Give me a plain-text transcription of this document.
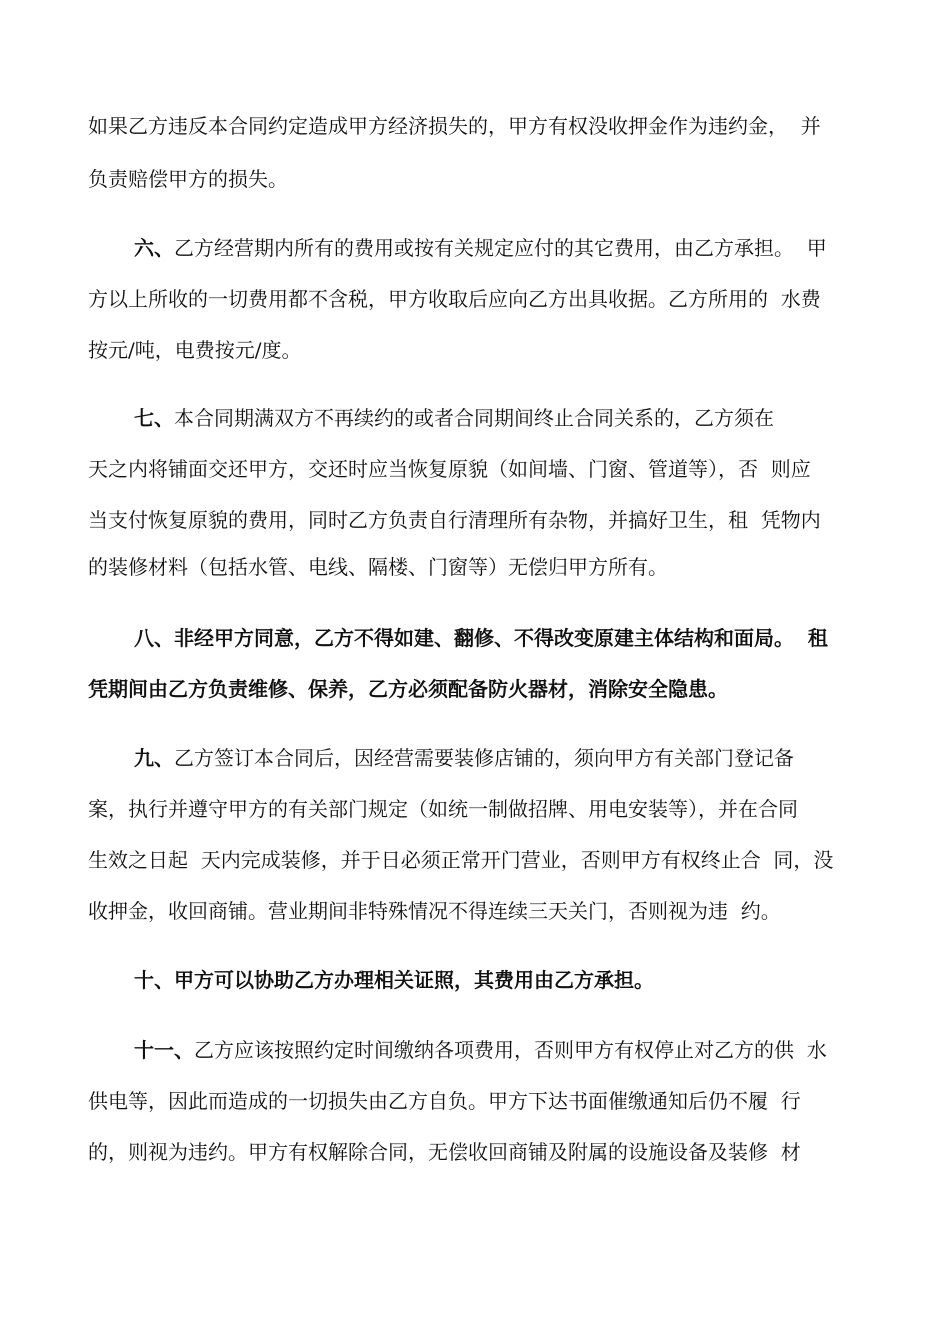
如果乙方违反本合同约定造成甲方经济损失的，甲方有权没收押金作为违约金，  并
负责赔偿甲方的损失。
六、乙方经营期内所有的费用或按有关规定应付的其它费用，由乙方承担。  甲
方以上所收的一切费用都不含税，甲方收取后应向乙方出具收据。乙方所用的  水费
按元/吨，电费按元/度。
七、本合同期满双方不再续约的或者合同期间终止合同关系的，乙方须在
天之内将铺面交还甲方，交还时应当恢复原貌（如间墙、门窗、管道等），否  则应
当支付恢复原貌的费用，同时乙方负责自行清理所有杂物，并搞好卫生，租  凭物内
的装修材料（包括水管、电线、隔楼、门窗等）无偿归甲方所有。
八、非经甲方同意，乙方不得如建、翻修、不得改变原建主体结构和面局。  租
凭期间由乙方负责维修、保养，乙方必须配备防火器材，消除安全隐患。
九、乙方签订本合同后，因经营需要装修店铺的，须向甲方有关部门登记备
案，执行并遵守甲方的有关部门规定（如统一制做招牌、用电安装等），并在合同
生效之日起  天内完成装修，并于日必须正常开门营业，否则甲方有权终止合  同，没
收押金，收回商铺。营业期间非特殊情况不得连续三天关门，否则视为违  约。
十、甲方可以协助乙方办理相关证照，其费用由乙方承担。
十一、乙方应该按照约定时间缴纳各项费用，否则甲方有权停止对乙方的供  水
供电等，因此而造成的一切损失由乙方自负。甲方下达书面催缴通知后仍不履  行
的，则视为违约。甲方有权解除合同，无偿收回商铺及附属的设施设备及装修  材
